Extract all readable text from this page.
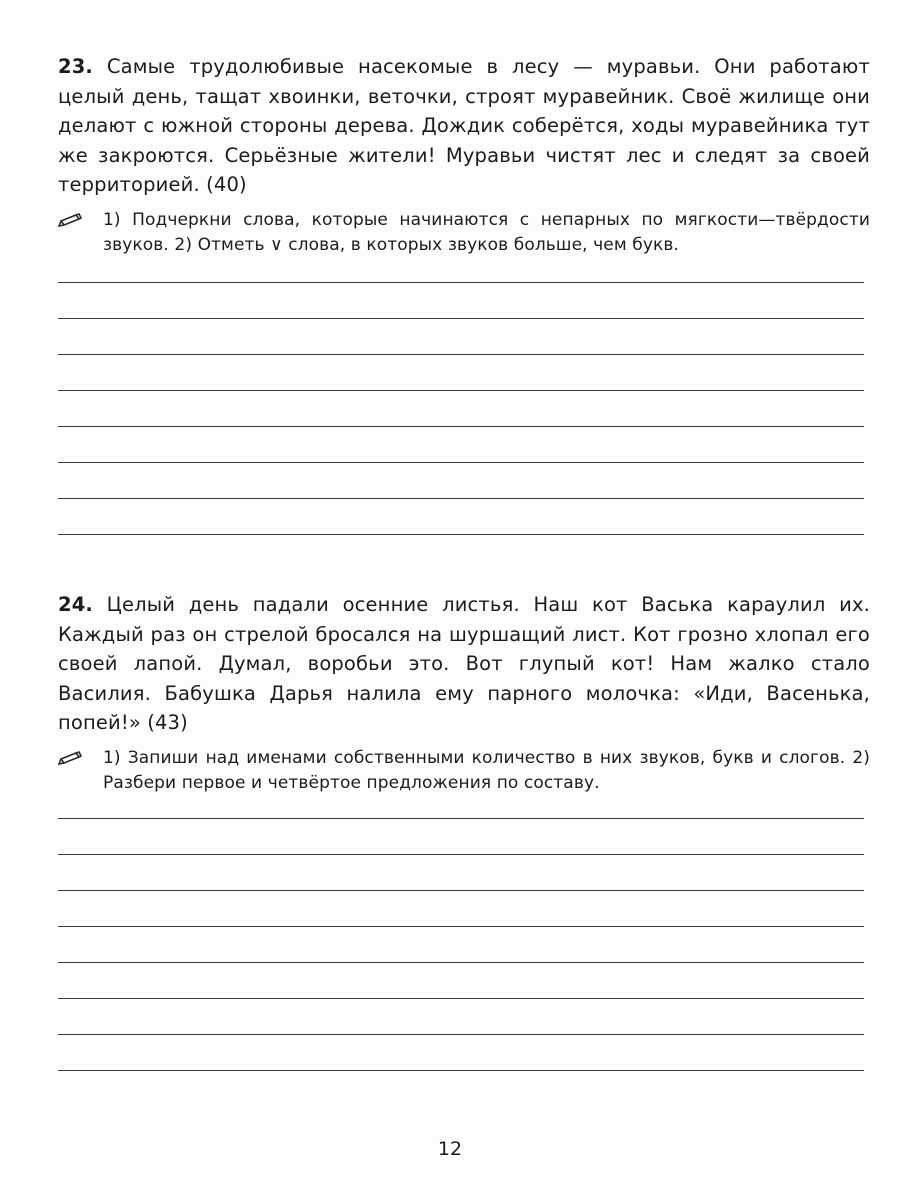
23. Самые трудолюбивые насекомые в лесу — муравьи. Они работают целый день, тащат хвоинки, веточки, строят муравейник. Своё жилище они делают с южной стороны дерева. Дождик соберётся, ходы муравейника тут же закроются. Серьёзные жители! Муравьи чистят лес и следят за своей территорией. (40)
1) Подчеркни слова, которые начинаются с непарных по мягкости—твёрдости звуков. 2) Отметь ∨ слова, в которых звуков больше, чем букв.
24. Целый день падали осенние листья. Наш кот Васька караулил их. Каждый раз он стрелой бросался на шуршащий лист. Кот грозно хлопал его своей лапой. Думал, воробьи это. Вот глупый кот! Нам жалко стало Василия. Бабушка Дарья налила ему парного молочка: «Иди, Васенька, попей!» (43)
1) Запиши над именами собственными количество в них звуков, букв и слогов. 2) Разбери первое и четвёртое предложения по составу.
12
